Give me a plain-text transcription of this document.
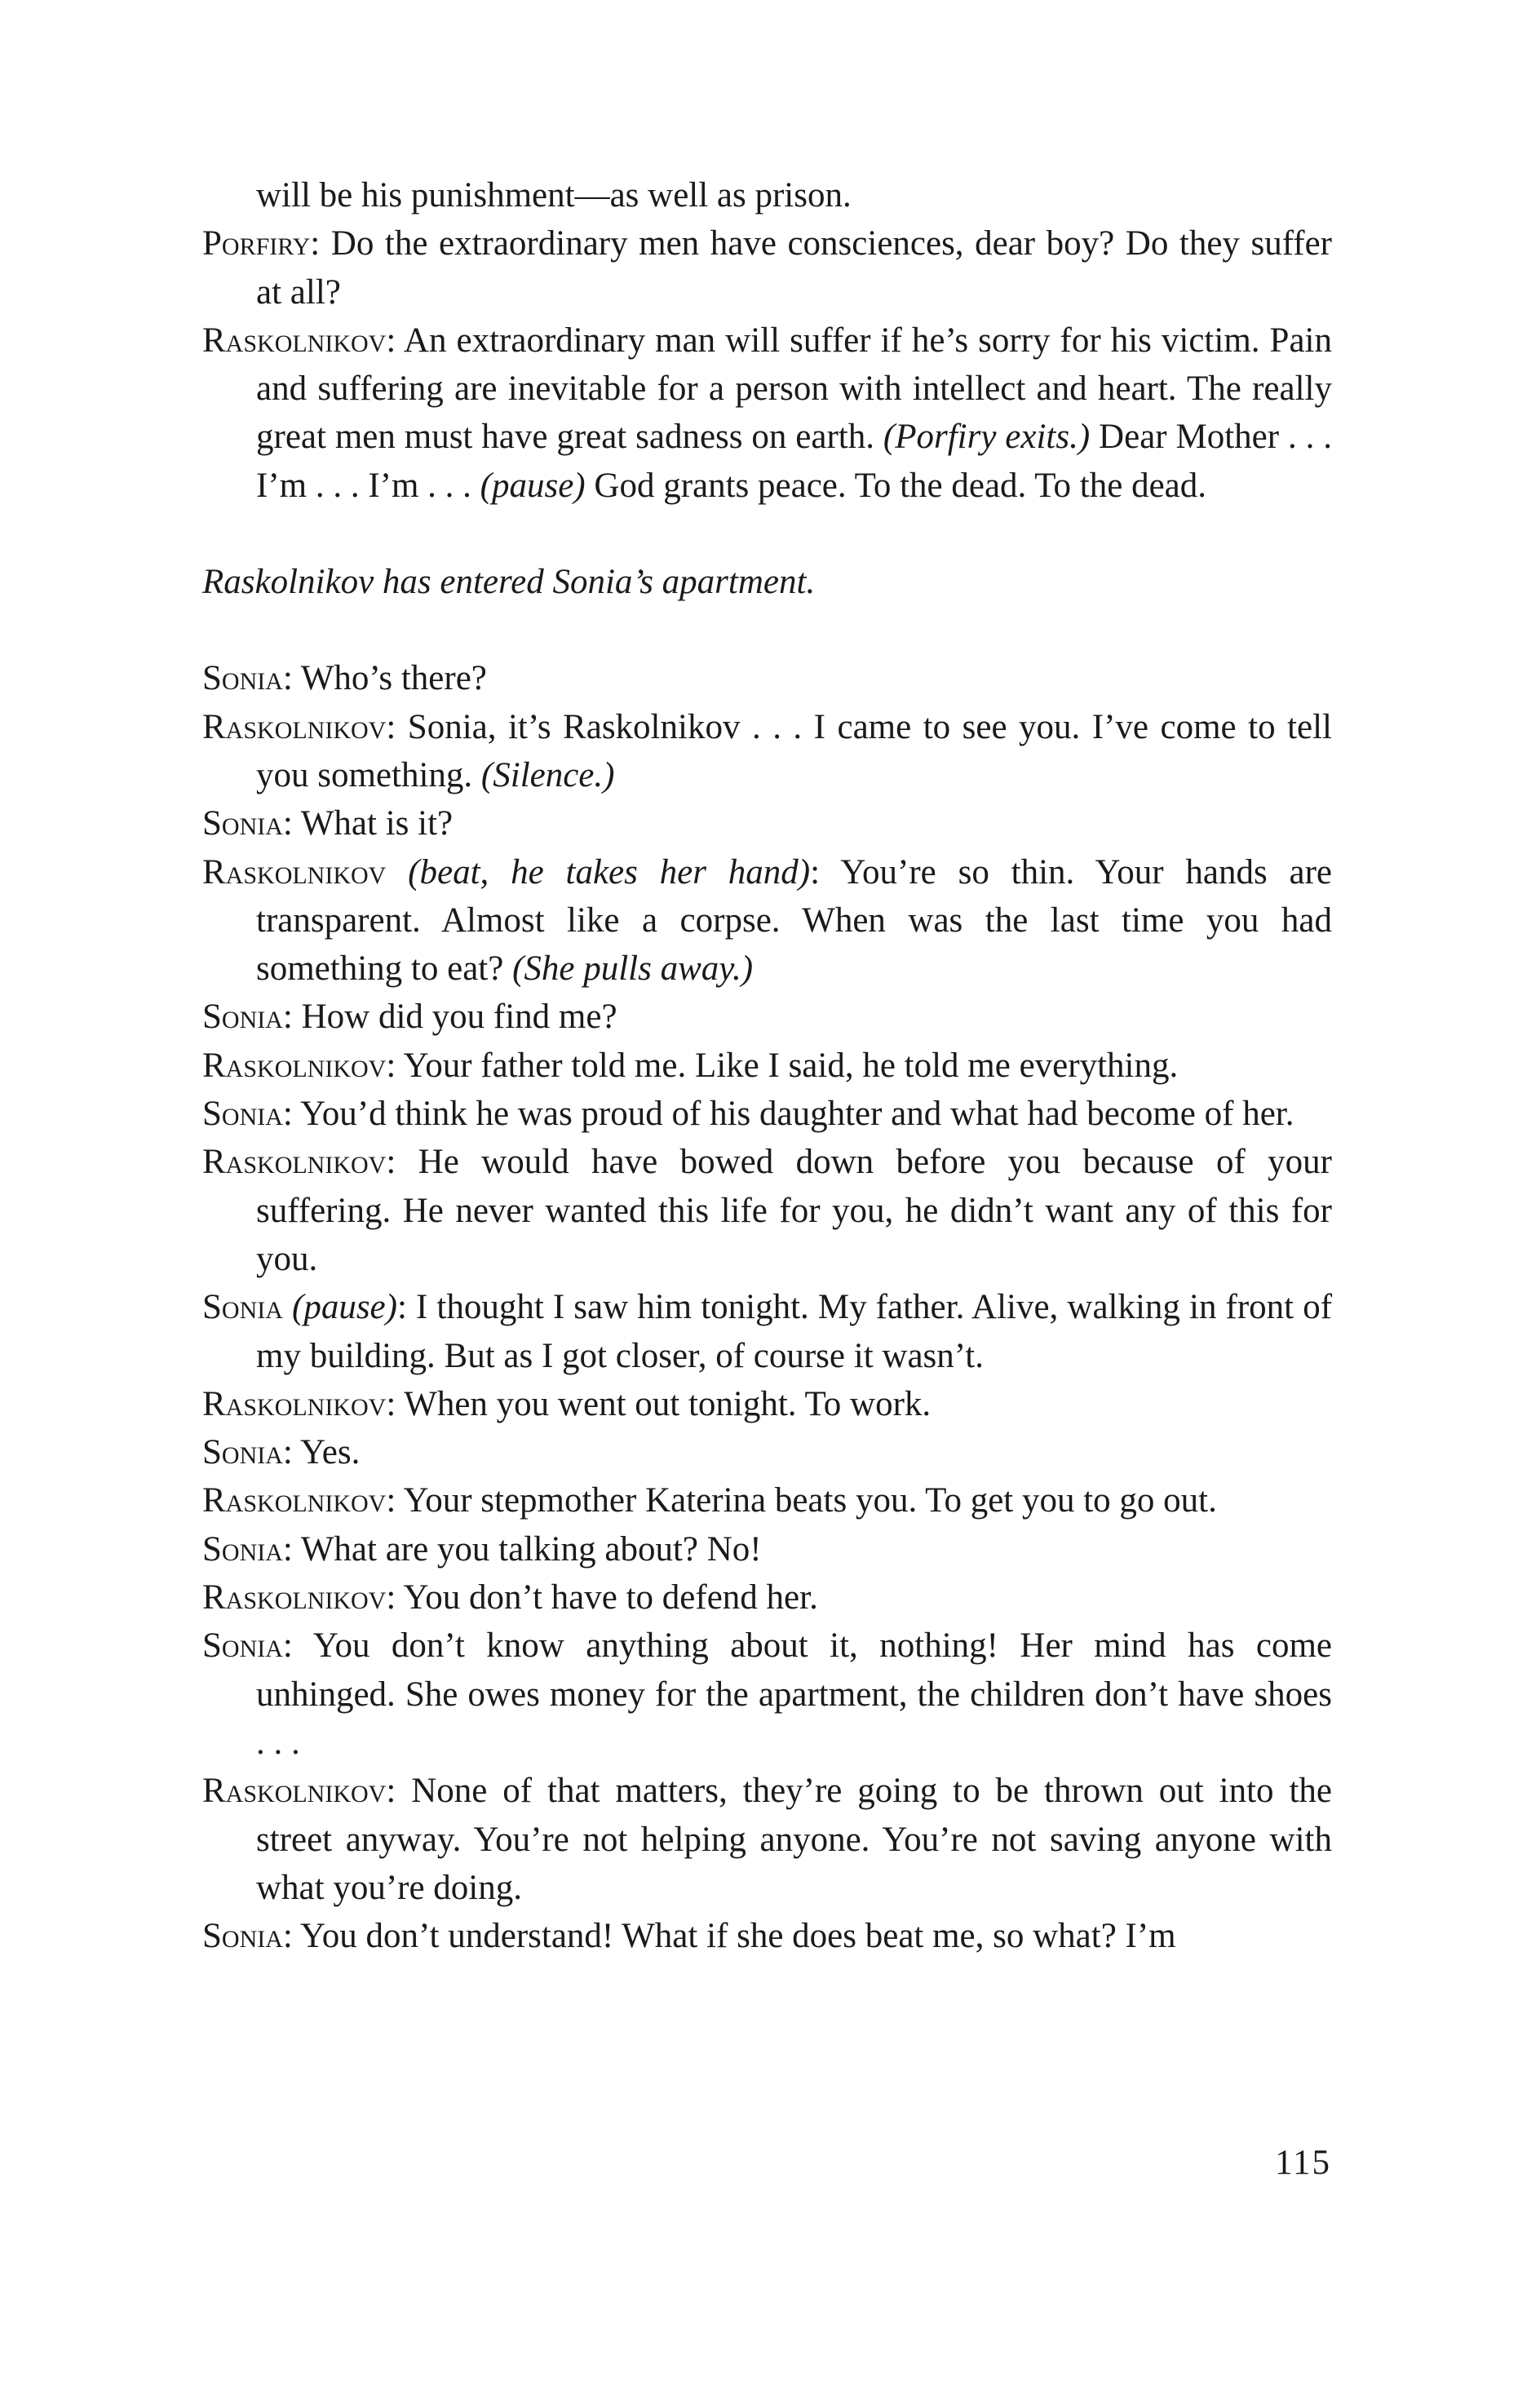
will be his punishment—as well as prison.

Porfiry: Do the extraordinary men have consciences, dear boy? Do they suffer at all?

Raskolnikov: An extraordinary man will suffer if he’s sorry for his victim. Pain and suffering are inevitable for a person with intellect and heart. The really great men must have great sadness on earth. (Porfiry exits.) Dear Mother . . . I’m . . . I’m . . . (pause) God grants peace. To the dead. To the dead.

Raskolnikov has entered Sonia’s apartment.

Sonia: Who’s there?

Raskolnikov: Sonia, it’s Raskolnikov . . . I came to see you. I’ve come to tell you something. (Silence.)

Sonia: What is it?

Raskolnikov (beat, he takes her hand): You’re so thin. Your hands are transparent. Almost like a corpse. When was the last time you had something to eat? (She pulls away.)

Sonia: How did you find me?

Raskolnikov: Your father told me. Like I said, he told me everything.

Sonia: You’d think he was proud of his daughter and what had become of her.

Raskolnikov: He would have bowed down before you because of your suffering. He never wanted this life for you, he didn’t want any of this for you.

Sonia (pause): I thought I saw him tonight. My father. Alive, walking in front of my building. But as I got closer, of course it wasn’t.

Raskolnikov: When you went out tonight. To work.

Sonia: Yes.

Raskolnikov: Your stepmother Katerina beats you. To get you to go out.

Sonia: What are you talking about? No!

Raskolnikov: You don’t have to defend her.

Sonia: You don’t know anything about it, nothing! Her mind has come unhinged. She owes money for the apartment, the children don’t have shoes . . .

Raskolnikov: None of that matters, they’re going to be thrown out into the street anyway. You’re not helping anyone. You’re not saving anyone with what you’re doing.

Sonia: You don’t understand! What if she does beat me, so what? I’m

115
